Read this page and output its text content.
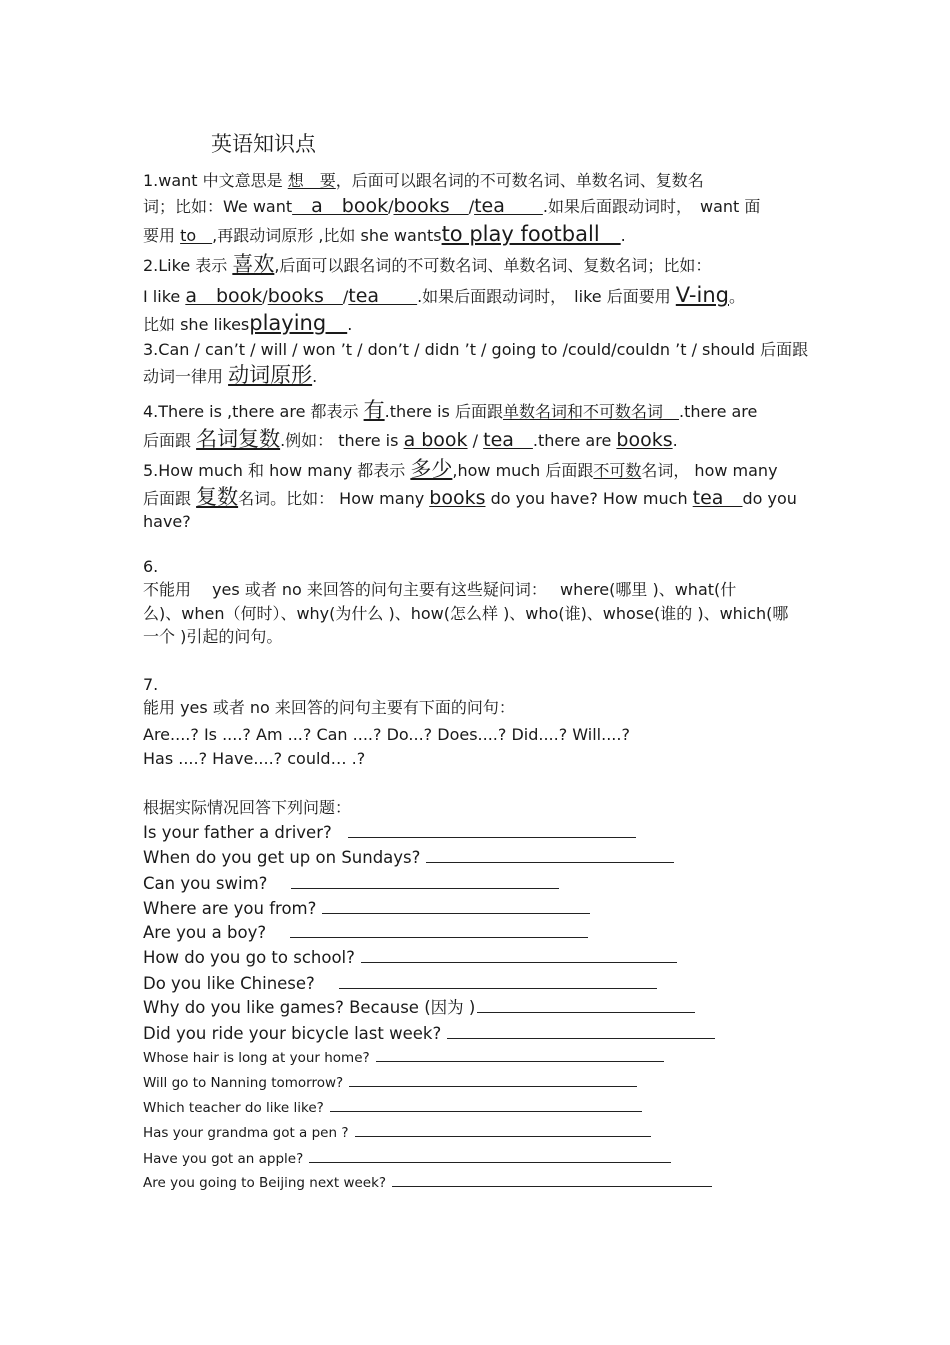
英语知识点
1.want 中文意思是 想　要，后面可以跟名词的不可数名词、单数名词、复数名
词；比如：We want　a　book/books　/tea　　.如果后面跟动词时，　want 面
要用 to　,再跟动词原形 ,比如 she wantsto play football　.
2.Like 表示 喜欢,后面可以跟名词的不可数名词、单数名词、复数名词；比如：
I like a　book/books　/tea　　.如果后面跟动词时，　like 后面要用 V-ing。
比如 she likesplaying　.
3.Can / can’t / will / won ’t / don’t / didn ’t / going to /could/couldn ’t / should 后面跟
动词一律用 动词原形.
4.There is ,there are 都表示 有.there is 后面跟单数名词和不可数名词　.there are
后面跟 名词复数.例如： there is a book / tea　.there are books.
5.How much 和 how many 都表示 多少,how much 后面跟不可数名词， how many
后面跟 复数名词。比如： How many books do you have? How much tea　do you
have?
6.
不能用　 yes 或者 no 来回答的问句主要有这些疑问词：　 where(哪里 )、what(什
么)、when（何时）、why(为什么 )、how(怎么样 )、who(谁)、whose(谁的 )、which(哪
一个 )引起的问句。
7.
能用 yes 或者 no 来回答的问句主要有下面的问句：
Are....? Is ....? Am ...? Can ....? Do...? Does....? Did....? Will....?
Has ....? Have....? could… .?
根据实际情况回答下列问题：
Is your father a driver?
When do you get up on Sundays?
Can you swim?
Where are you from?
Are you a boy?
How do you go to school?
Do you like Chinese?
Why do you like games? Because (因为 )
Did you ride your bicycle last week?
Whose hair is long at your home?
Will go to Nanning tomorrow?
Which teacher do like like?
Has your grandma got a pen ?
Have you got an apple?
Are you going to Beijing next week?
